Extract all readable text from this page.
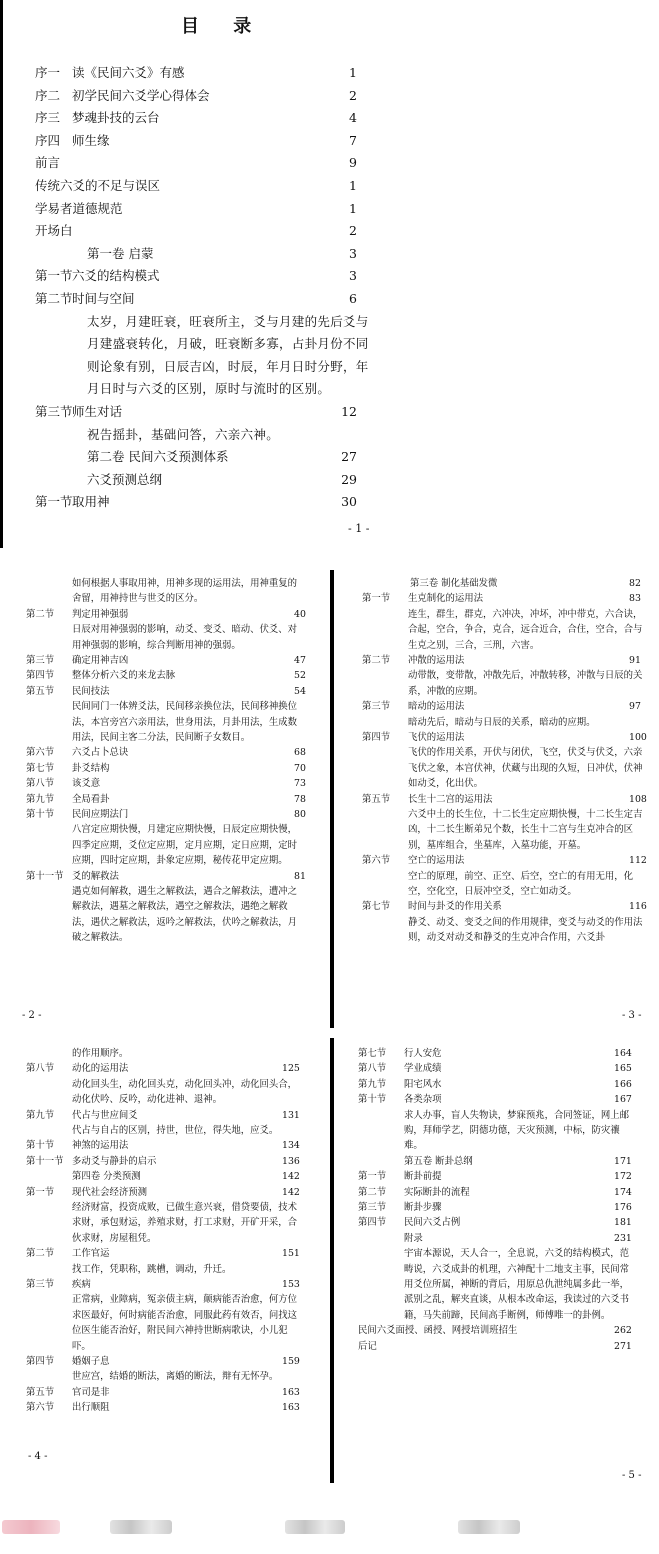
目 录
序一 读《民间六爻》有感	1
序二 初学民间六爻学心得体会	2
序三 梦魂卦技的云台	4
序四 师生缘	7
前言	9
传统六爻的不足与误区	1
学易者道德规范	1
开场白	2
第一卷 启蒙	3
第一节 六爻的结构模式	3
第二节 时间与空间	6
太岁，月建旺衰，旺衰所主，爻与月建的先后爻与月建盛衰转化，月破，旺衰断多寡，占卦月份不同则论象有别，日辰吉凶，时辰，年月日时分野，年月日时与六爻的区别，原时与流时的区别。
第三节 师生对话	12
祝告摇卦，基础问答，六亲六神。
第二卷 民间六爻预测体系	27
六爻预测总纲	29
第一节 取用神	30
- 1 -
如何根据人事取用神，用神多现的运用法，用神重复的舍留，用神持世与世爻的区分。
第二节 判定用神强弱	40
日辰对用神强弱的影响，动爻、变爻、暗动、伏爻、对用神强弱的影响，综合判断用神的强弱。
第三节 确定用神吉凶	47
第四节 整体分析六爻的来龙去脉	52
第五节 民间技法	54
民间同门一体辨爻法，民间移亲换位法，民间移神换位法，本宫旁宫六亲用法，世身用法，月卦用法，生成数用法，民间主客二分法，民间断子女数目。
第六节 六爻占卜总诀	68
第七节 卦爻结构	70
第八节 该爻意	73
第九节 全局看卦	78
第十节 民间应期法门	80
八宫定应期快慢，月建定应期快慢，日辰定应期快慢，四季定应期，爻位定应期，定月应期，定日应期，定时应期，四时定应期，卦象定应期，秘传花甲定应期。
第十一节 爻的解救法	81
遇克如何解救，遇生之解救法，遇合之解救法，遭冲之解救法，遇墓之解救法，遇空之解救法，遇绝之解救法，遇伏之解救法，返吟之解救法，伏吟之解救法，月破之解救法。
- 2 -
第三卷 制化基础发微	82
第一节 生克制化的运用法	83
连生，群生，群克，六冲决，冲坏，冲中带克，六合诀，合起，空合，争合，克合，远合近合，合住，空合，合与生克之别，三合，三刑，六害。
第二节 冲散的运用法	91
动带散，变带散，冲散先后，冲散转移，冲散与日辰的关系，冲散的应期。
第三节 暗动的运用法	97
暗动先后，暗动与日辰的关系，暗动的应期。
第四节 飞伏的运用法	100
飞伏的作用关系，开伏与闭伏，飞空，伏爻与伏爻，六亲飞伏之象，本宫伏神，伏藏与出现的久短，日冲伏，伏神如动爻，化出伏。
第五节 长生十二宫的运用法	108
六爻中土的长生位，十二长生定应期快慢，十二长生定吉凶，十二长生断弟兄个数，长生十二宫与生克冲合的区别，墓库组合，坐墓库，入墓功能，开墓。
第六节 空亡的运用法	112
空亡的原理，前空、正空、后空，空亡的有用无用，化空，空化空，日辰冲空爻，空亡如动爻。
第七节 时间与卦爻的作用关系	116
静爻、动爻、变爻之间的作用规律，变爻与动爻的作用法则，动爻对动爻和静爻的生克冲合作用，六爻卦
- 3 -
的作用顺序。
第八节 动化的运用法	125
动化回头生，动化回头克，动化回头冲，动化回头合，动化伏吟、反吟，动化进神、退神。
第九节 代占与世应间爻	131
代占与自占的区别，持世，世位，得失地，应爻。
第十节 神煞的运用法	134
第十一节 多动爻与静卦的启示	136
第四卷 分类预测	142
第一节 现代社会经济预测	142
经济财富，投资成败，已做生意兴衰，借贷要债，技术求财，承包财运，养殖求财，打工求财，开矿开采，合伙求财，房屋租凭。
第二节 工作官运	151
找工作，凭职称，跳槽，调动，升迁。
第三节 疾病	153
正常病，业障病，冤亲债主病，颠病能否治愈，何方位求医最好，何时病能否治愈，同服此药有效否，问找这位医生能否治好，附民间六神持世断病歌诀，小儿犯吓。
第四节 婚姻子息	159
世应宫，结婚的断法，离婚的断法，辩有无怀孕。
第五节 官司是非	163
第六节 出行顺阻	163
- 4 -
第七节 行人安危	164
第八节 学业成绩	165
第九节 阳宅风水	166
第十节 各类杂项	167
求人办事，盲人失物诀，梦寐预兆，合同签证，网上邮购，拜师学艺，阴德功德，天灾预测，中标，防灾禳难。
第五卷 断卦总纲	171
第一节 断卦前提	172
第二节 实际断卦的流程	174
第三节 断卦步骤	176
第四节 民间六爻占例	181
附录	231
宇宙本源说，天人合一，全息说，六爻的结构模式，范畴说，六爻成卦的机理，六神配十二地支主事，民间常用爻位所属，神断的背后，用原总仇泄纯属多此一举，派别之乱，解夹直谈，从根本改命运，我读过的六爻书籍，马失前蹄，民间高手断例，师傅唯一的卦例。
民间六爻面授、函授、网授培训班招生	262
后记	271
- 5 -
